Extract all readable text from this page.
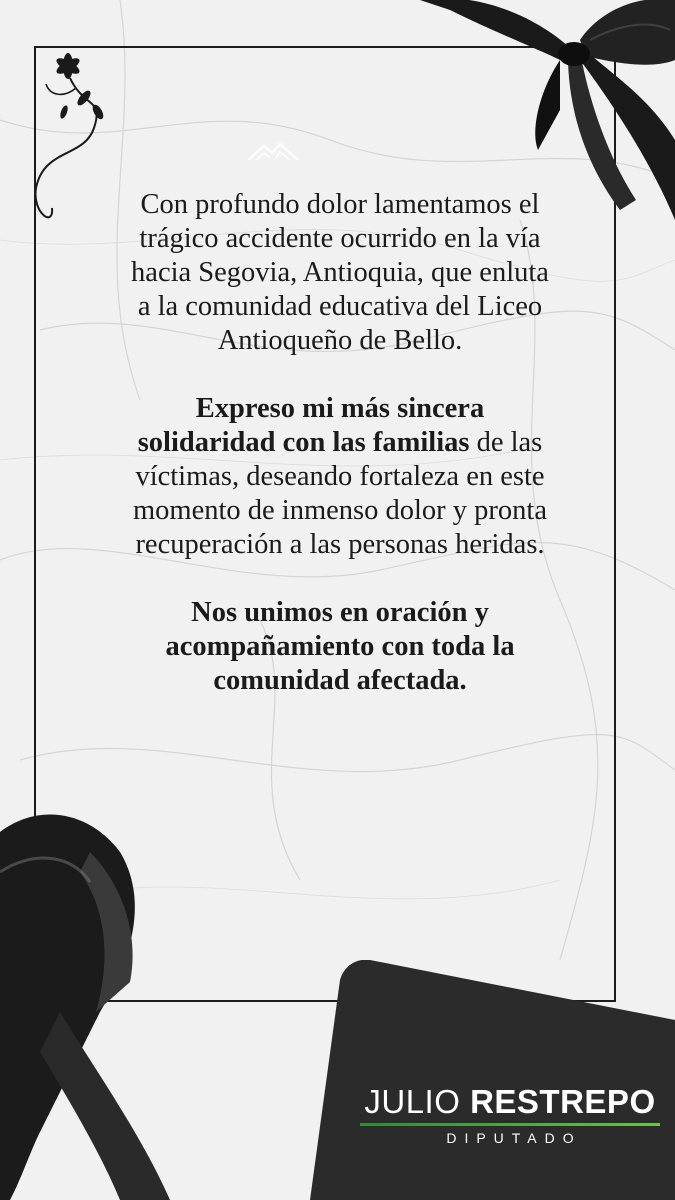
Con profundo dolor lamentamos el trágico accidente ocurrido en la vía hacia Segovia, Antioquia, que enluta a la comunidad educativa del Liceo Antioqueño de Bello.

Expreso mi más sincera solidaridad con las familias de las víctimas, deseando fortaleza en este momento de inmenso dolor y pronta recuperación a las personas heridas.

Nos unimos en oración y acompañamiento con toda la comunidad afectada.

JULIO RESTREPO
DIPUTADO
